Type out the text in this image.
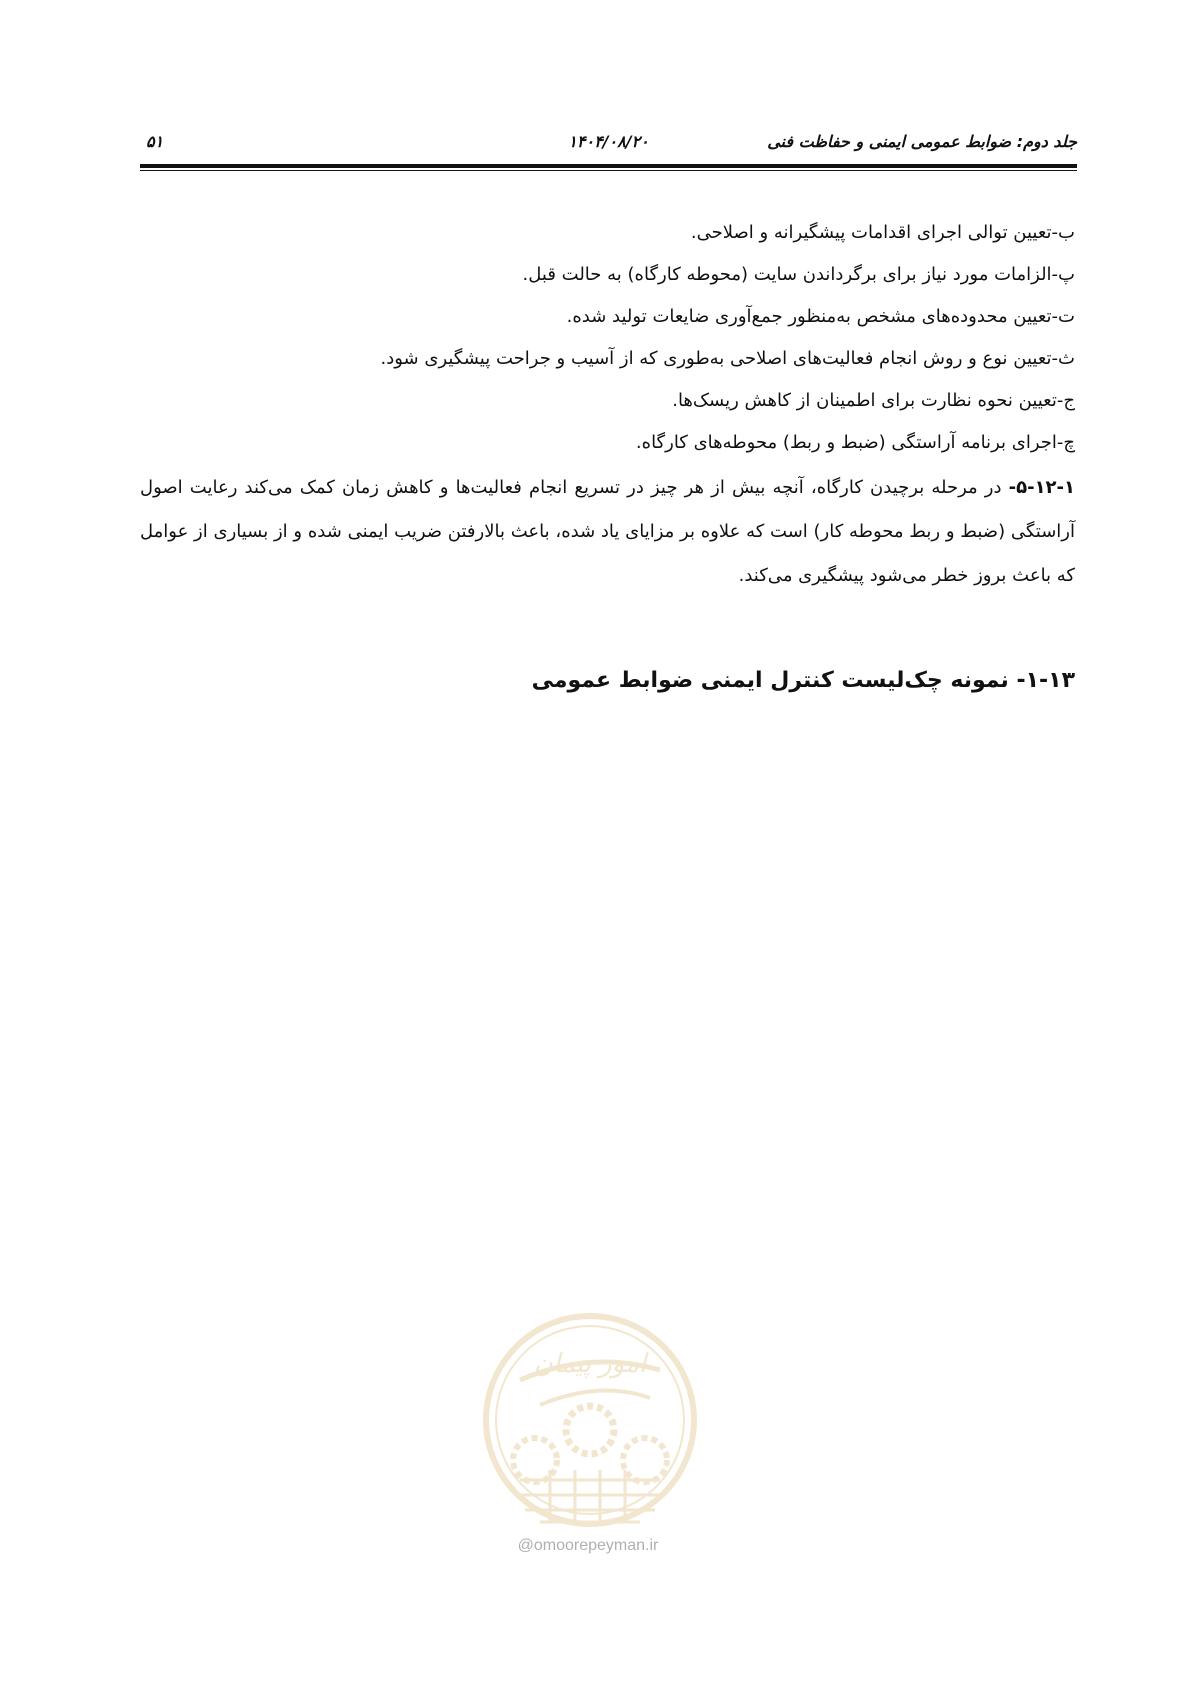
جلد دوم: ضوابط عمومی ایمنی و حفاظت فنی
۱۴۰۴/۰۸/۲۰
۵۱
ب-تعیین توالی اجرای اقدامات پیشگیرانه و اصلاحی.
پ-الزامات مورد نیاز برای برگرداندن سایت (محوطه کارگاه) به حالت قبل.
ت-تعیین محدوده‌های مشخص به‌منظور جمع‌آوری ضایعات تولید شده.
ث-تعیین نوع و روش انجام فعالیت‌های اصلاحی به‌طوری که از آسیب و جراحت پیشگیری شود.
ج-تعیین نحوه نظارت برای اطمینان از کاهش ریسک‌ها.
چ-اجرای برنامه آراستگی (ضبط و ربط) محوطه‌های کارگاه.
۵-۱۲-۱- در مرحله برچیدن کارگاه، آنچه بیش از هر چیز در تسریع انجام فعالیت‌ها و کاهش زمان کمک می‌کند رعایت اصول آراستگی (ضبط و ربط محوطه کار) است که علاوه بر مزایای یاد شده، باعث بالارفتن ضریب ایمنی شده و از بسیاری از عوامل که باعث بروز خطر می‌شود پیشگیری می‌کند.
۱-۱۳- نمونه چک‌لیست کنترل ایمنی ضوابط عمومی
امور پیمان
@omoorepeyman.ir
